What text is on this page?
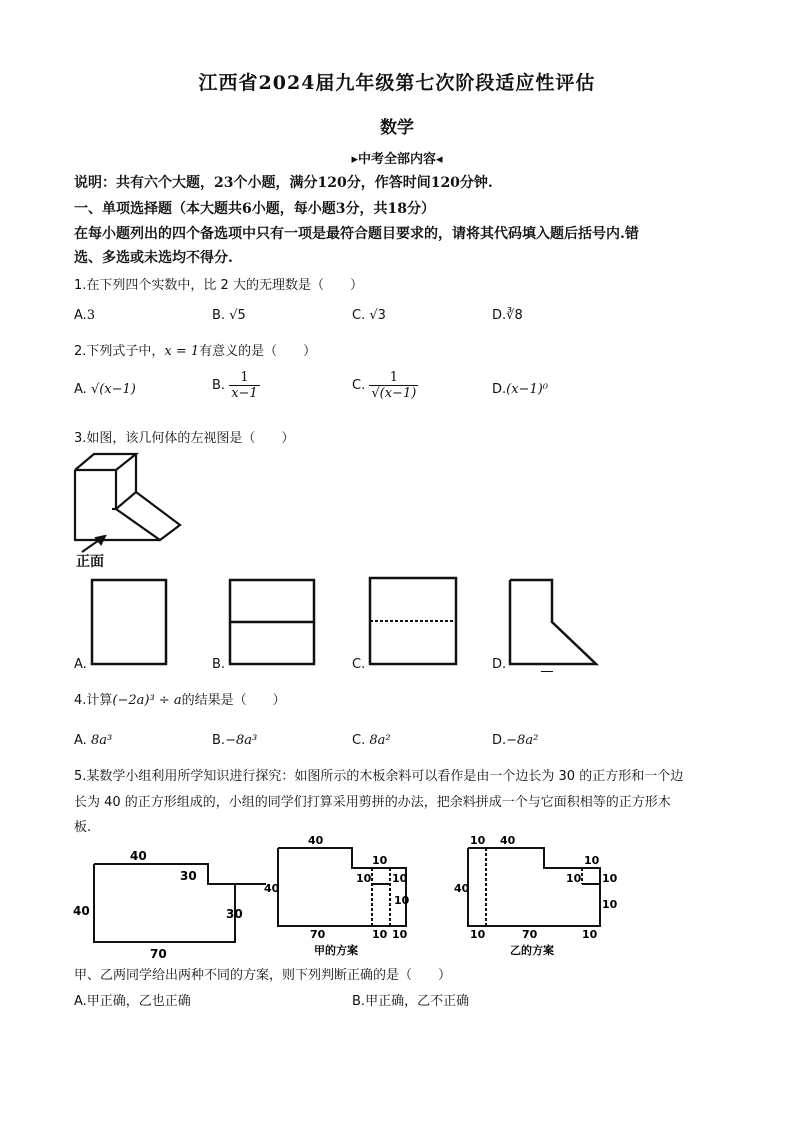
江西省2024届九年级第七次阶段适应性评估
数学
▸中考全部内容◂
说明：共有六个大题，23个小题，满分120分，作答时间120分钟.
一、单项选择题（本大题共6小题，每小题3分，共18分）
在每小题列出的四个备选项中只有一项是最符合题目要求的，请将其代码填入题后括号内.错
选、多选或未选均不得分.
1.在下列四个实数中，比 2 大的无理数是（　　）
A.3	B. √5	C. √3	D.∛8
2.下列式子中，x = 1有意义的是（　　）
A. √(x−1)	B. $\frac{1}{x-1}$	C. $\frac{1}{√(x-1)}$	D.(x−1)⁰
3.如图，该几何体的左视图是（　　）
正面
A.	B.	C.	D.
4.计算(−2a)³ ÷ a的结果是（　　）
A. 8a³	B.−8a³	C. 8a²	D.−8a²
5.某数学小组利用所学知识进行探究：如图所示的木板余料可以看作是由一个边长为 30 的正方形和一个边
长为 40 的正方形组成的，小组的同学们打算采用剪拼的办法，把余料拼成一个与它面积相等的正方形木
板.
40
30
40	30
70
40
10
10 10
40
10
70	10 10
甲的方案
10 40
10
10 10
40
10
10	70	10
乙的方案
甲、乙两同学给出两种不同的方案，则下列判断正确的是（　　）
A.甲正确，乙也正确	B.甲正确，乙不正确
